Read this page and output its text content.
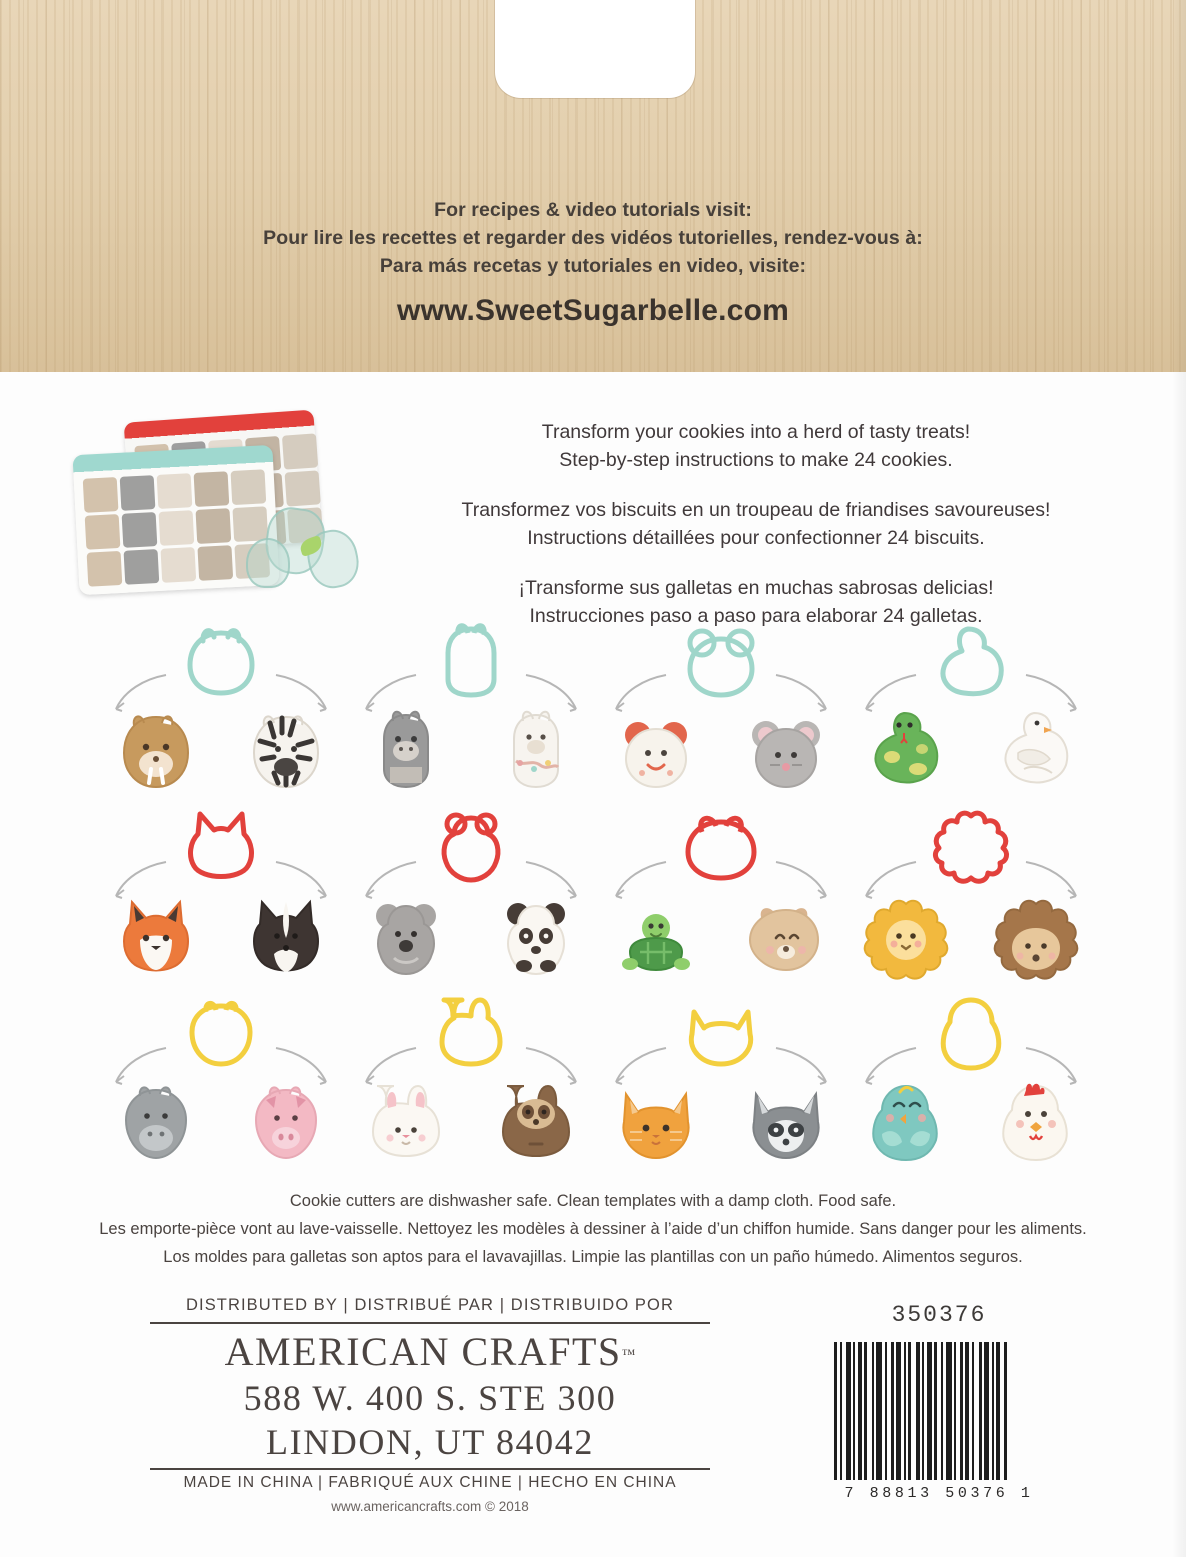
For recipes & video tutorials visit:
Pour lire les recettes et regarder des vidéos tutorielles, rendez-vous à:
Para más recetas y tutoriales en video, visite:
www.SweetSugarbelle.com

Transform your cookies into a herd of tasty treats!

Step-by-step instructions to make 24 cookies.

Transformez vos biscuits en un troupeau de friandises savoureuses!

Instructions détaillées pour confectionner 24 biscuits.

¡Transforme sus galletas en muchas sabrosas delicias!

Instrucciones paso a paso para elaborar 24 galletas.

Cookie cutters are dishwasher safe. Clean templates with a damp cloth. Food safe.

Les emporte-pièce vont au lave-vaisselle. Nettoyez les modèles à dessiner à l’aide d’un chiffon humide. Sans danger pour les aliments.

Los moldes para galletas son aptos para el lavavajillas. Limpie las plantillas con un paño húmedo. Alimentos seguros.

DISTRIBUTED BY | DISTRIBUÉ PAR | DISTRIBUIDO POR
AMERICAN CRAFTS™
588 W. 400 S. STE 300
LINDON, UT 84042
MADE IN CHINA | FABRIQUÉ AUX CHINE | HECHO EN CHINA
www.americancrafts.com © 2018
350376
7 88813 50376 1
